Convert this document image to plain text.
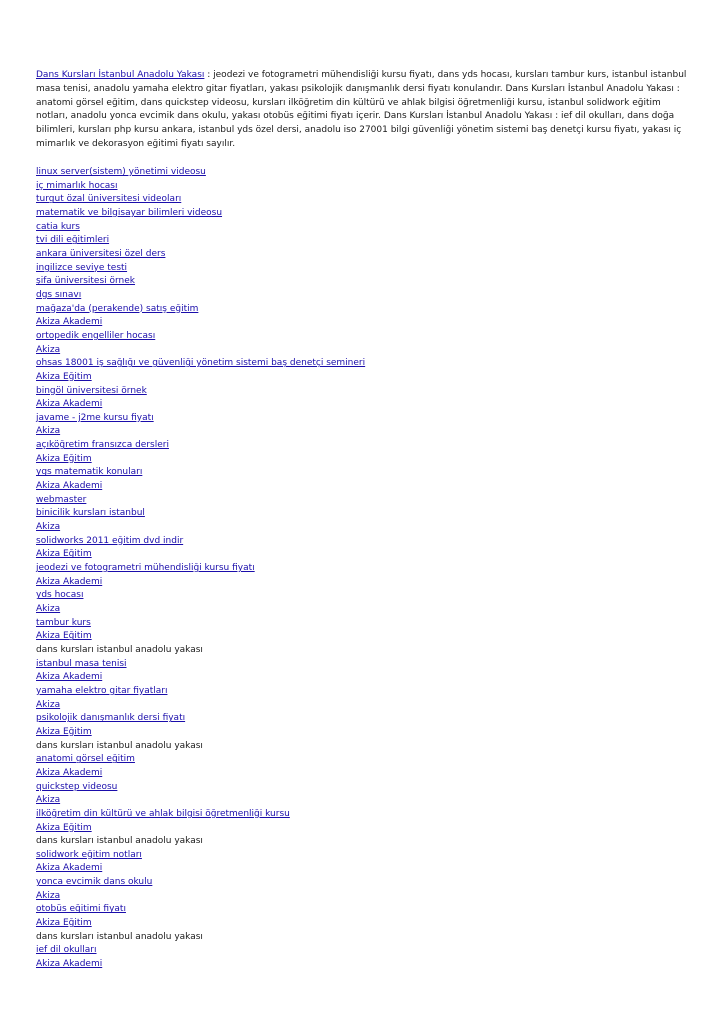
Dans Kursları İstanbul Anadolu Yakası : jeodezi ve fotogrametri mühendisliği kursu fiyatı, dans yds hocası, kursları tambur kurs, istanbul istanbul masa tenisi, anadolu yamaha elektro gitar fiyatları, yakası psikolojik danışmanlık dersi fiyatı konulandır. Dans Kursları İstanbul Anadolu Yakası : anatomi görsel eğitim, dans quickstep videosu, kursları ilköğretim din kültürü ve ahlak bilgisi öğretmenliği kursu, istanbul solidwork eğitim notları, anadolu yonca evcimik dans okulu, yakası otobüs eğitimi fiyatı içerir. Dans Kursları İstanbul Anadolu Yakası : ief dil okulları, dans doğa bilimleri, kursları php kursu ankara, istanbul yds özel dersi, anadolu iso 27001 bilgi güvenliği yönetim sistemi baş denetçi kursu fiyatı, yakası iç mimarlık ve dekorasyon eğitimi fiyatı sayılır.

linux server(sistem) yönetimi videosu
iç mimarlık hocası
turgut özal üniversitesi videoları
matematik ve bilgisayar bilimleri videosu
catia kurs
tvi dili eğitimleri
ankara üniversitesi özel ders
ingilizce seviye testi
şifa üniversitesi örnek
dgs sınavı
mağaza'da (perakende) satış eğitim
Akiza Akademi
ortopedik engelliler hocası
Akiza
ohsas 18001 iş sağlığı ve güvenliği yönetim sistemi baş denetçi semineri
Akiza Eğitim
bingöl üniversitesi örnek
Akiza Akademi
javame - j2me kursu fiyatı
Akiza
açıköğretim fransızca dersleri
Akiza Eğitim
ygs matematik konuları
Akiza Akademi
webmaster
binicilik kursları istanbul
Akiza
solidworks 2011 eğitim dvd indir
Akiza Eğitim
jeodezi ve fotogrametri mühendisliği kursu fiyatı
Akiza Akademi
yds hocası
Akiza
tambur kurs
Akiza Eğitim
dans kursları istanbul anadolu yakası
istanbul masa tenisi
Akiza Akademi
yamaha elektro gitar fiyatları
Akiza
psikolojik danışmanlık dersi fiyatı
Akiza Eğitim
dans kursları istanbul anadolu yakası
anatomi görsel eğitim
Akiza Akademi
quickstep videosu
Akiza
ilköğretim din kültürü ve ahlak bilgisi öğretmenliği kursu
Akiza Eğitim
dans kursları istanbul anadolu yakası
solidwork eğitim notları
Akiza Akademi
yonca evcimik dans okulu
Akiza
otobüs eğitimi fiyatı
Akiza Eğitim
dans kursları istanbul anadolu yakası
ief dil okulları
Akiza Akademi
